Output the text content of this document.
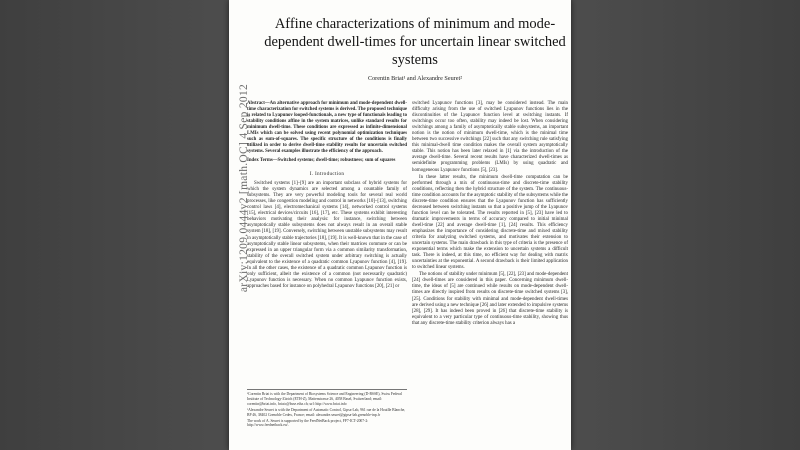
arXiv:1209.0444v2 [math.OC] 4 Sep 2012
Affine characterizations of minimum and mode-dependent dwell-times for uncertain linear switched systems
Corentin Briat¹ and Alexandre Seuret²
Abstract—An alternative approach for minimum and mode-dependent dwell-time characterization for switched systems is derived. The proposed technique is related to Lyapunov looped-functionals, a new type of functionals leading to stability conditions affine in the system matrices, unlike standard results for minimum dwell-time. These conditions are expressed as infinite-dimensional LMIs which can be solved using recent polynomial optimization techniques such as sum-of-squares. The specific structure of the conditions is finally utilized in order to derive dwell-time stability results for uncertain switched systems. Several examples illustrate the efficiency of the approach.
Index Terms—Switched systems; dwell-time; robustness; sum of squares
I. Introduction

Switched systems [1]–[9] are an important subclass of hybrid systems for which the system dynamics are selected among a countable family of subsystems. They are very powerful modeling tools for several real world processes, like congestion modeling and control in networks [10]–[13], switching control laws [4], electromechanical systems [14], networked control systems [15], electrical devices/circuits [16], [17], etc. These systems exhibit interesting behaviors motivating their analysis: for instance, switching between asymptotically stable subsystems does not always result in an overall stable system [18], [19]. Conversely, switching between unstable subsystems may result in asymptotically stable trajectories [18], [19]. It is well-known that in the case of asymptotically stable linear subsystems, when their matrices commute or can be expressed in an upper triangular form via a common similarity transformation, stability of the overall switched system under arbitrary switching is actually equivalent to the existence of a quadratic common Lyapunov function [4], [19]. In all the other cases, the existence of a quadratic common Lyapunov function is only sufficient, albeit the existence of a common (not necessarily quadratic) Lyapunov function is necessary. When no common Lyapunov function exists, approaches based for instance on polyhedral Lyapunov functions [20], [21] or

switched Lyapunov functions [3], may be considered instead. The main difficulty arising from the use of switched Lyapunov functions lies in the discontinuities of the Lyapunov function level at switching instants. If switchings occur too often, stability may indeed be lost. When considering switchings among a family of asymptotically stable subsystems, an important notion is the notion of minimum dwell-time, which is the minimal time between two successive switchings [22] such that any switching rule satisfying this minimal-dwell time condition makes the overall system asymptotically stable. This notion has been later relaxed in [1] via the introduction of the average dwell-time. Several recent results have characterized dwell-times as semidefinite programming problems (LMIs) by using quadratic and homogeneous Lyapunov functions [5], [23].

In these latter results, the minimum dwell-time computation can be performed through a mix of continuous-time and discrete-time stability conditions, reflecting then the hybrid structure of the system. The continuous-time condition accounts for the asymptotic stability of the subsystems while the discrete-time condition ensures that the Lyapunov function has sufficiently decreased between switching instants so that a positive jump of the Lyapunov function level can be tolerated. The results reported in [5], [23] have led to dramatic improvements in terms of accuracy compared to initial minimal dwell-time [22] and average dwell-time [1], [24] results. This efficiency emphasizes the importance of considering discrete-time and mixed stability criteria for analyzing switched systems, and motivates their extension to uncertain systems. The main drawback in this type of criteria is the presence of exponential terms which make the extension to uncertain systems a difficult task. There is indeed, at this time, no efficient way for dealing with matrix uncertainties at the exponential. A second drawback is their limited application to switched linear systems.

The notions of stability under minimum [5], [22], [23] and mode-dependent [24] dwell-times are considered in this paper. Concerning minimum dwell-time, the ideas of [5] are continued while results on mode-dependent dwell-times are directly inspired from results on discrete-time switched systems [3], [25]. Conditions for stability with minimal and mode-dependent dwell-times are derived using a new technique [26] and later extended to impulsive systems [28], [29]. It has indeed been proved in [26] that discrete-time stability is equivalent to a very particular type of continuous-time stability, showing thus that any discrete-time stability criterion always has a

¹Corentin Briat is with the Department of Biosystems Science and Engineering (D-BSSE), Swiss Federal Institute of Technology-Zürich (ETH-Z), Mattenstrasse 26, 4058 Basel, Switzerland; email: corentin@briat.info, briatc@bsse.ethz.ch; url: http://www.briat.info
²Alexandre Seuret is with the Department of Automatic Control, Gipsa-Lab, 961 rue de la Houille Blanche, BP 46, 38402 Grenoble Cedex, France; email: alexandre.seuret@gipsa-lab.grenoble-inp.fr
The work of A. Seuret is supported by the FeedNetBack project, FP7-ICT-2007-2: http://www.feednetback.eu/.
